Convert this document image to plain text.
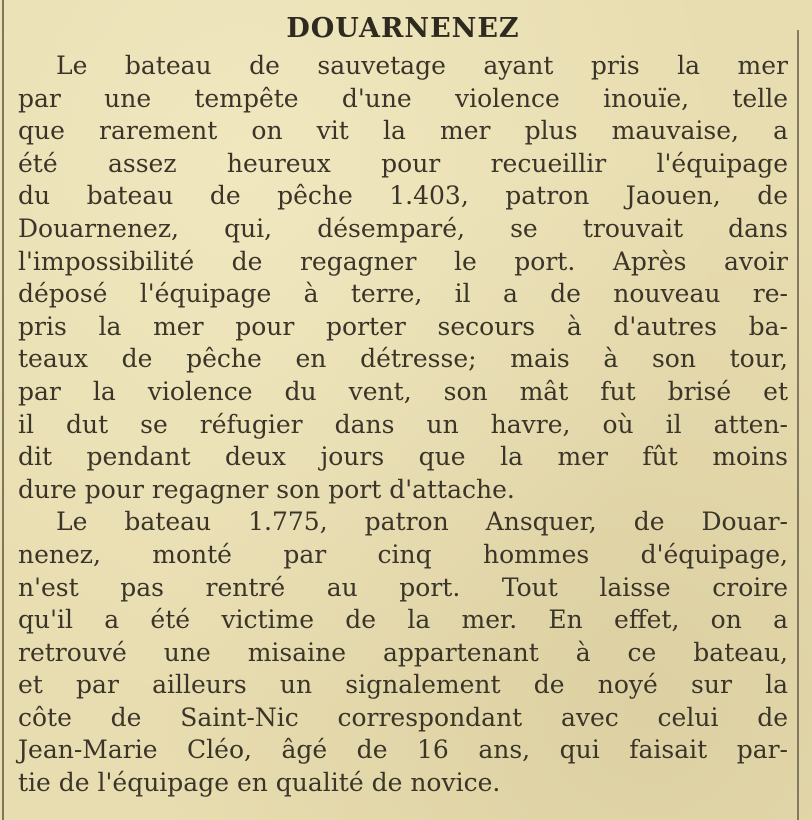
DOUARNENEZ
Le bateau de sauvetage ayant pris la mer
par une tempête d'une violence inouïe, telle
que rarement on vit la mer plus mauvaise, a
été assez heureux pour recueillir l'équipage
du bateau de pêche 1.403, patron Jaouen, de
Douarnenez, qui, désemparé, se trouvait dans
l'impossibilité de regagner le port. Après avoir
déposé l'équipage à terre, il a de nouveau re-
pris la mer pour porter secours à d'autres ba-
teaux de pêche en détresse; mais à son tour,
par la violence du vent, son mât fut brisé et
il dut se réfugier dans un havre, où il atten-
dit pendant deux jours que la mer fût moins
dure pour regagner son port d'attache.
Le bateau 1.775, patron Ansquer, de Douar-
nenez, monté par cinq hommes d'équipage,
n'est pas rentré au port. Tout laisse croire
qu'il a été victime de la mer. En effet, on a
retrouvé une misaine appartenant à ce bateau,
et par ailleurs un signalement de noyé sur la
côte de Saint-Nic correspondant avec celui de
Jean-Marie Cléo, âgé de 16 ans, qui faisait par-
tie de l'équipage en qualité de novice.
